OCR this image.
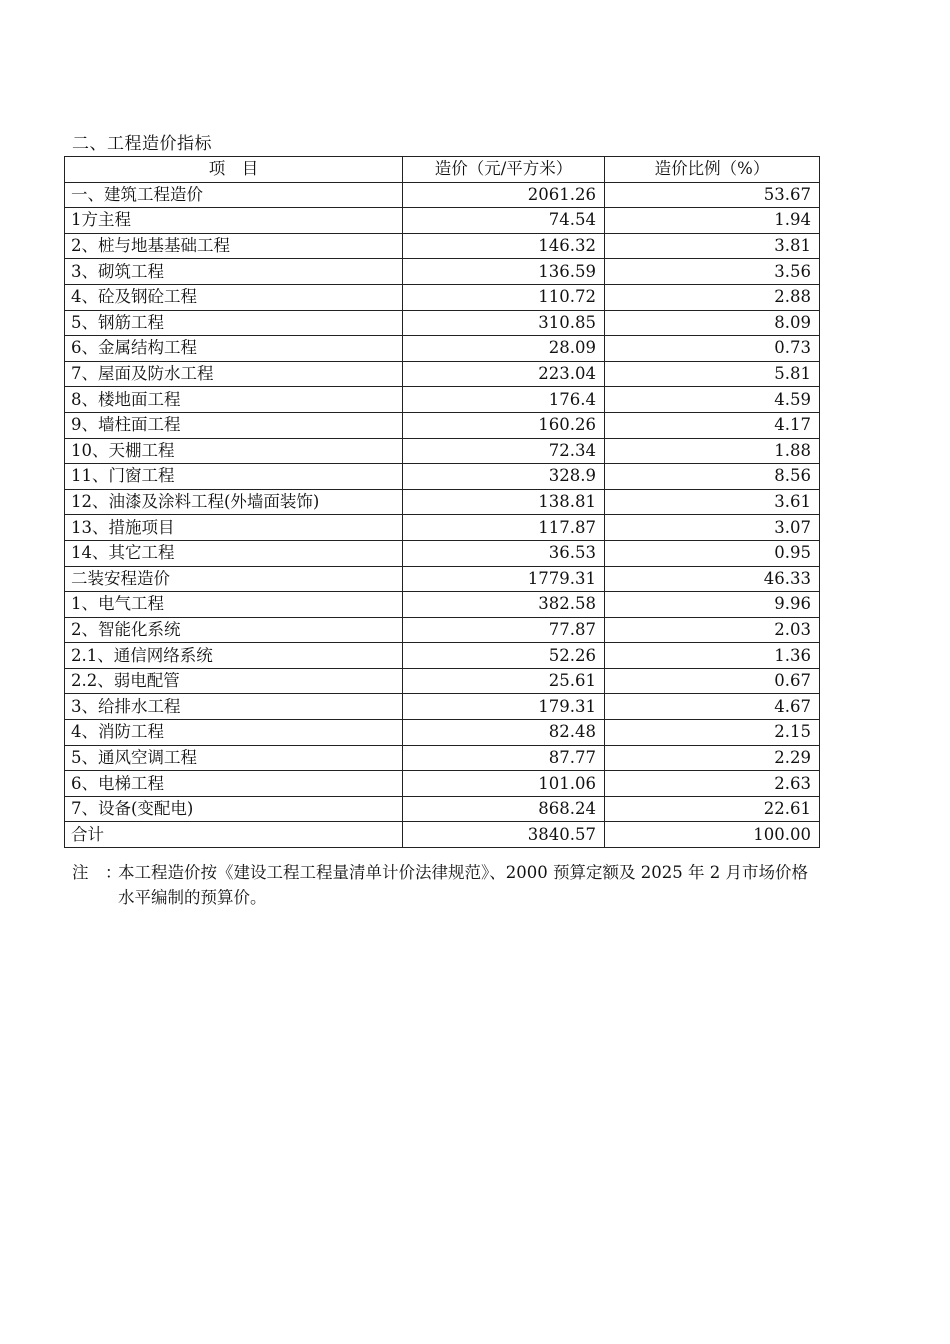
二、工程造价指标
项　目	造价（元/平方米）	造价比例（%）
一、建筑工程造价	2061.26	53.67
1方主程	74.54	1.94
2、桩与地基基础工程	146.32	3.81
3、砌筑工程	136.59	3.56
4、砼及钢砼工程	110.72	2.88
5、钢筋工程	310.85	8.09
6、金属结构工程	28.09	0.73
7、屋面及防水工程	223.04	5.81
8、楼地面工程	176.4	4.59
9、墙柱面工程	160.26	4.17
10、天棚工程	72.34	1.88
11、门窗工程	328.9	8.56
12、油漆及涂料工程(外墙面装饰)	138.81	3.61
13、措施项目	117.87	3.07
14、其它工程	36.53	0.95
二装安程造价	1779.31	46.33
1、电气工程	382.58	9.96
2、智能化系统	77.87	2.03
2.1、通信网络系统	52.26	1.36
2.2、弱电配管	25.61	0.67
3、给排水工程	179.31	4.67
4、消防工程	82.48	2.15
5、通风空调工程	87.77	2.29
6、电梯工程	101.06	2.63
7、设备(变配电)	868.24	22.61
合计	3840.57	100.00
注　：
本工程造价按《建设工程工程量清单计价法律规范》、2000 预算定额及 2025 年 2 月市场价格水平编制的预算价。
